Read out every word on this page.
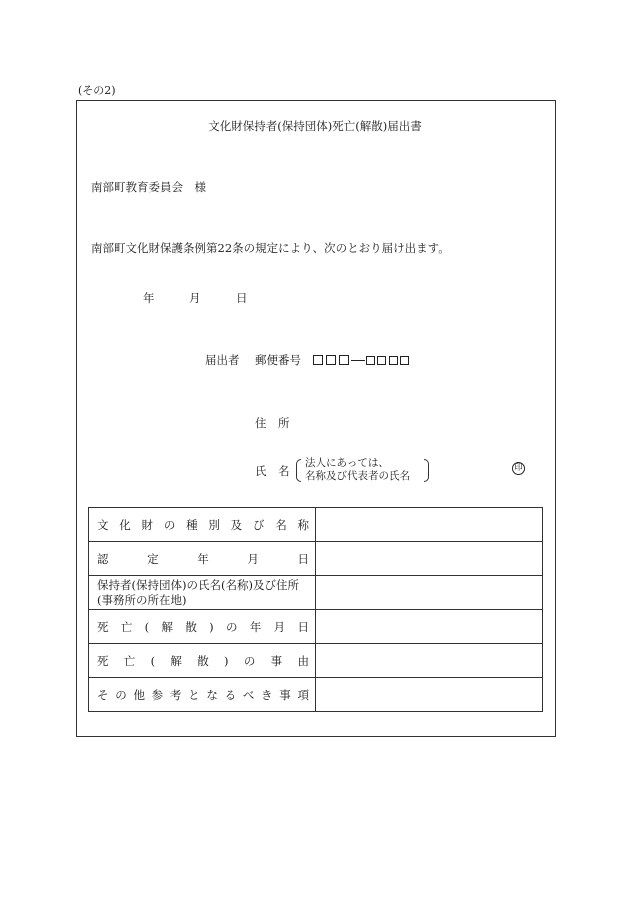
(その2)
文化財保持者(保持団体)死亡(解散)届出書
南部町教育委員会　様
南部町文化財保護条例第22条の規定により、次のとおり届け出ます。
年	月	日
届出者 郵便番号
住　所
氏　名
法人にあっては、
名称及び代表者の氏名
印
文化財の種別及び名称	

認定年月日	

保持者(保持団体)の氏名(名称)及び住所
(事務所の所在地)	

死亡(解散)の年月日	

死亡(解散)の事由	

その他参考となるべき事項	
